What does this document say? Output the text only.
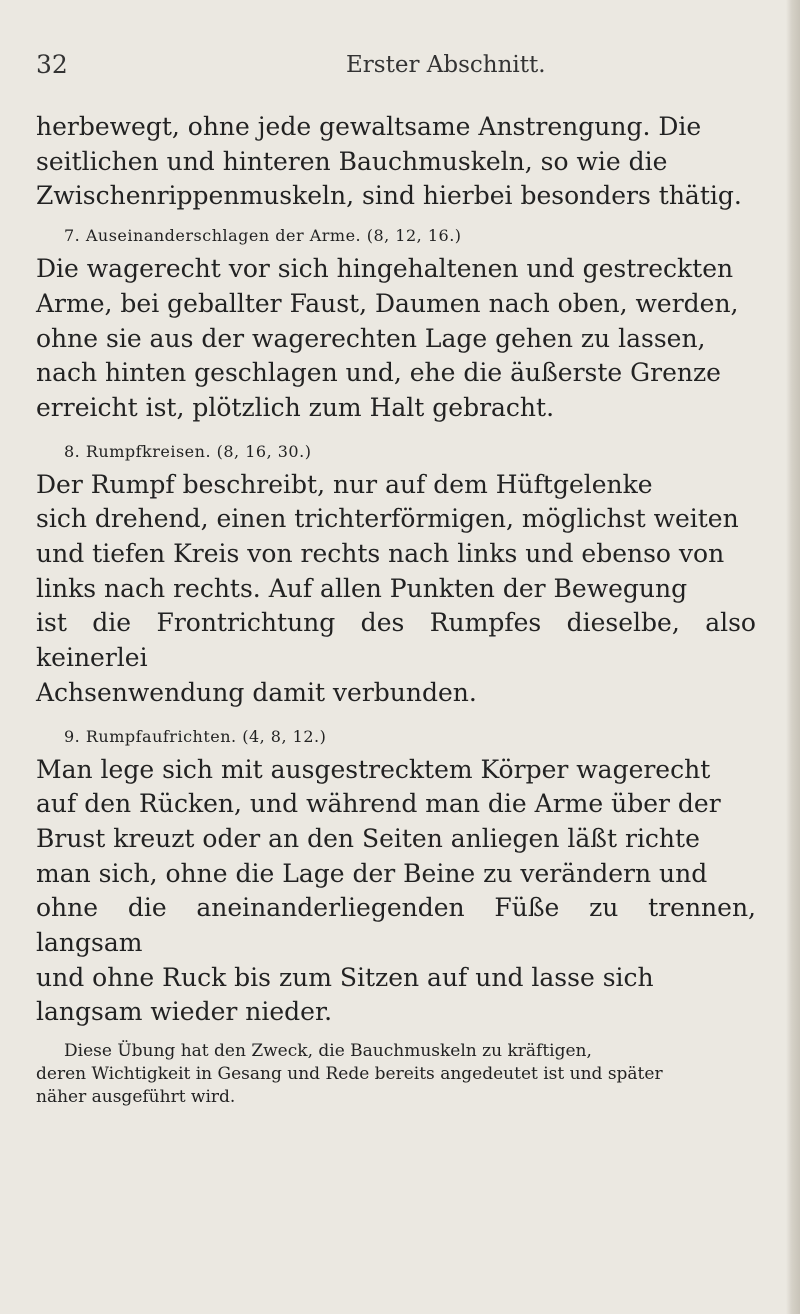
32	Erster Abschnitt.

herbewegt, ohne jede gewaltsame Anstrengung. Die
seitlichen und hinteren Bauchmuskeln, so wie die
Zwischenrippenmuskeln, sind hierbei besonders thätig.

7. Auseinanderschlagen der Arme. (8, 12, 16.)

Die wagerecht vor sich hingehaltenen und gestreckten
Arme, bei geballter Faust, Daumen nach oben, werden,
ohne sie aus der wagerechten Lage gehen zu lassen,
nach hinten geschlagen und, ehe die äußerste Grenze
erreicht ist, plötzlich zum Halt gebracht.

8. Rumpfkreisen. (8, 16, 30.)

Der Rumpf beschreibt, nur auf dem Hüftgelenke
sich drehend, einen trichterförmigen, möglichst weiten
und tiefen Kreis von rechts nach links und ebenso von
links nach rechts. Auf allen Punkten der Bewegung
ist die Frontrichtung des Rumpfes dieselbe, also keinerlei
Achsenwendung damit verbunden.

9. Rumpfaufrichten. (4, 8, 12.)

Man lege sich mit ausgestrecktem Körper wagerecht
auf den Rücken, und während man die Arme über der
Brust kreuzt oder an den Seiten anliegen läßt richte
man sich, ohne die Lage der Beine zu verändern und
ohne die aneinanderliegenden Füße zu trennen, langsam
und ohne Ruck bis zum Sitzen auf und lasse sich
langsam wieder nieder.

Diese Übung hat den Zweck, die Bauchmuskeln zu kräftigen,
deren Wichtigkeit in Gesang und Rede bereits angedeutet ist und später
näher ausgeführt wird.
